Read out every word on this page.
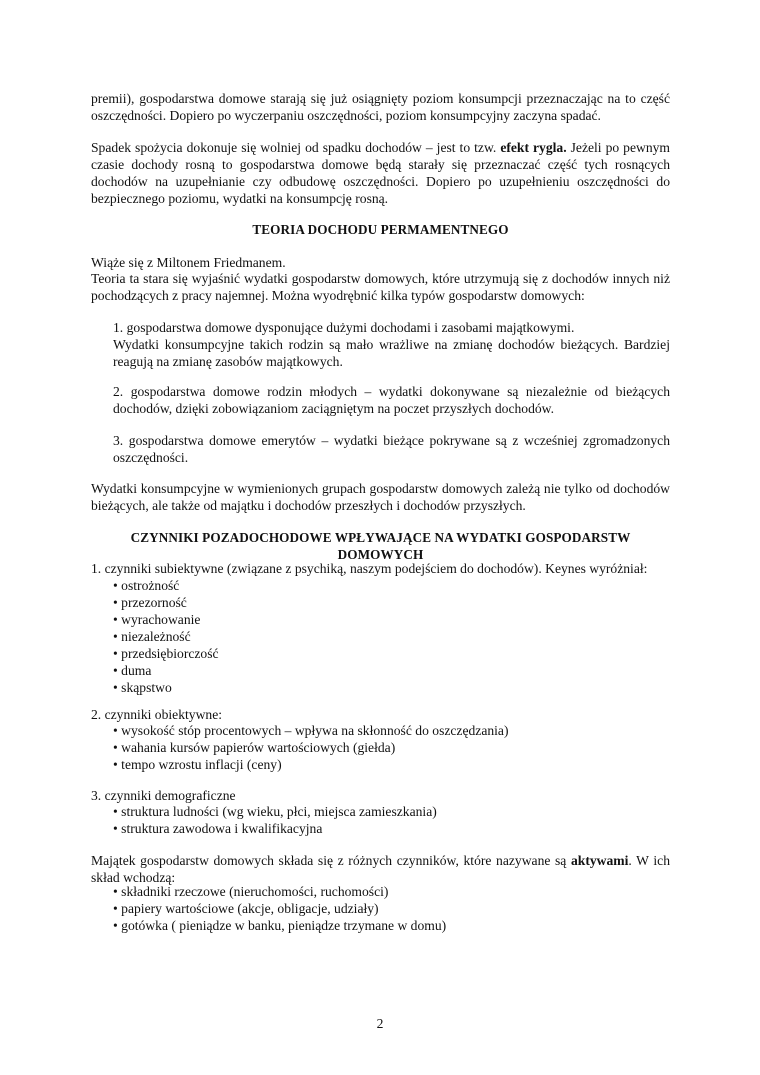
premii), gospodarstwa domowe starają się już osiągnięty poziom konsumpcji przeznaczając na to część oszczędności. Dopiero po wyczerpaniu oszczędności, poziom konsumpcyjny zaczyna spadać.

Spadek spożycia dokonuje się wolniej od spadku dochodów – jest to tzw. efekt rygla. Jeżeli po pewnym czasie dochody rosną to gospodarstwa domowe będą starały się przeznaczać część tych rosnących dochodów na uzupełnianie czy odbudowę oszczędności. Dopiero po uzupełnieniu oszczędności do bezpiecznego poziomu, wydatki na konsumpcję rosną.

TEORIA DOCHODU PERMAMENTNEGO

Wiąże się z Miltonem Friedmanem.

Teoria ta stara się wyjaśnić wydatki gospodarstw domowych, które utrzymują się z dochodów innych niż pochodzących z pracy najemnej. Można wyodrębnić kilka typów gospodarstw domowych:

1. gospodarstwa domowe dysponujące dużymi dochodami i zasobami majątkowymi.
Wydatki konsumpcyjne takich rodzin są mało wrażliwe na zmianę dochodów bieżących. Bardziej reagują na zmianę zasobów majątkowych.
2. gospodarstwa domowe rodzin młodych – wydatki dokonywane są niezależnie od bieżących dochodów, dzięki zobowiązaniom zaciągniętym na poczet przyszłych dochodów.
3. gospodarstwa domowe emerytów – wydatki bieżące pokrywane są z wcześniej zgromadzonych oszczędności.

Wydatki konsumpcyjne w wymienionych grupach gospodarstw domowych zależą nie tylko od dochodów bieżących, ale także od majątku i dochodów przeszłych i dochodów przyszłych.

CZYNNIKI POZADOCHODOWE WPŁYWAJĄCE NA WYDATKI GOSPODARSTW DOMOWYCH

1. czynniki subiektywne (związane z psychiką, naszym podejściem do dochodów). Keynes wyróżniał:

• ostrożność
• przezorność
• wyrachowanie
• niezależność
• przedsiębiorczość
• duma
• skąpstwo

2. czynniki obiektywne:

• wysokość stóp procentowych – wpływa na skłonność do oszczędzania)
• wahania kursów papierów wartościowych (giełda)
• tempo wzrostu inflacji (ceny)

3. czynniki demograficzne

• struktura ludności (wg wieku, płci, miejsca zamieszkania)
• struktura zawodowa i kwalifikacyjna

Majątek gospodarstw domowych składa się z różnych czynników, które nazywane są aktywami. W ich skład wchodzą:

• składniki rzeczowe (nieruchomości, ruchomości)
• papiery wartościowe (akcje, obligacje, udziały)
• gotówka ( pieniądze w banku, pieniądze trzymane w domu)
2
